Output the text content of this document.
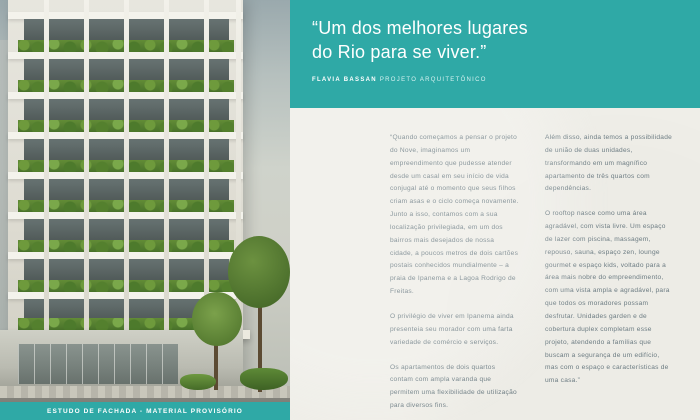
ESTUDO DE FACHADA - MATERIAL PROVISÓRIO
“Um dos melhores lugares
do Rio para se viver.”
FLAVIA BASSAN PROJETO ARQUITETÔNICO

“Quando começamos a pensar o projeto do Nove, imaginamos um empreendimento que pudesse atender desde um casal em seu início de vida conjugal até o momento que seus filhos criam asas e o ciclo começa novamente. Junto a isso, contamos com a sua localização privilegiada, em um dos bairros mais desejados de nossa cidade, a poucos metros de dois cartões postais conhecidos mundialmente – a praia de Ipanema e a Lagoa Rodrigo de Freitas.

O privilégio de viver em Ipanema ainda presenteia seu morador com uma farta variedade de comércio e serviços.

Os apartamentos de dois quartos contam com ampla varanda que permitem uma flexibilidade de utilização para diversos fins.

Além disso, ainda temos a possibilidade de união de duas unidades, transformando em um magnífico apartamento de três quartos com dependências.

O rooftop nasce como uma área agradável, com vista livre. Um espaço de lazer com piscina, massagem, repouso, sauna, espaço zen, lounge gourmet e espaço kids, voltado para a área mais nobre do empreendimento, com uma vista ampla e agradável, para que todos os moradores possam desfrutar. Unidades garden e de cobertura duplex completam esse projeto, atendendo a famílias que buscam a segurança de um edifício, mas com o espaço e características de uma casa.”
